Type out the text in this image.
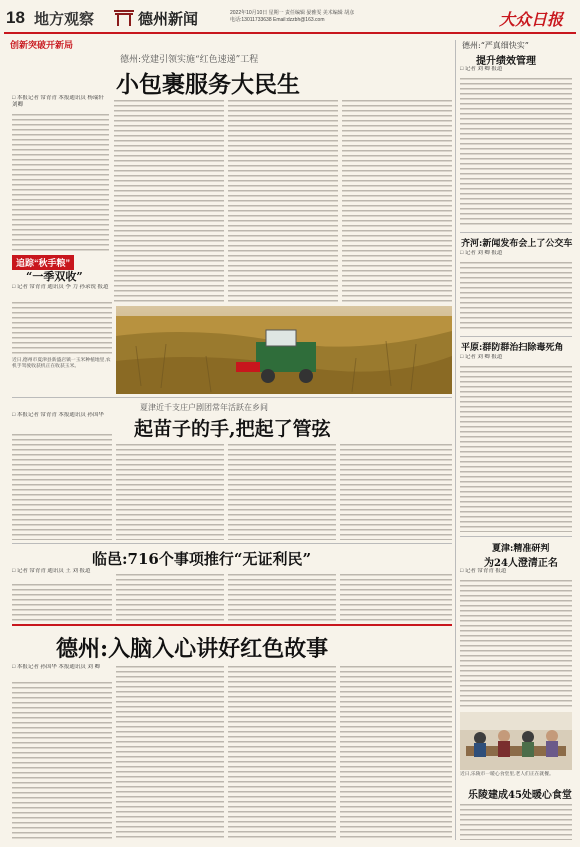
18 地方观察	德州新闻	2022年10月10日 星期一 责任编辑 晏雅雯 美术编辑 胡彦
电话:13011733638 Email:dzzbh@163.com	大众日报
创新突破开新局
德州:党建引领实施“红色速递”工程
小包裹服务大民生
□ 本报记者 常青青 本报通讯员 杨瑞轩 刘卿
追踪“秋手粮”
“一季双收”
□ 记者 常青青 通讯员 李 力 孙录锐 报道
近日,德州市夏津县新盛店镇一玉米种植地里,农机手驾驶收获机正在收获玉米。
夏津近千支庄户剧团常年活跃在乡间
起苗子的手,把起了管弦
□ 本报记者 常青青 本报通讯员 孙国华
临邑:716个事项推行“无证利民”
□ 记者 常青青 通讯员 王 刘 报道
德州:入脑入心讲好红色故事
□ 本报记者 孙国华 本报通讯员 刘 卿
德州:“严真细快实”
提升绩效管理
□ 记者 刘 卿 报道
齐河:新闻发布会上了公交车
□ 记者 刘 卿 报道
平原:群防群治扫除毒死角
□ 记者 刘 卿 报道
夏津:精准研判
为24人澄清正名
□ 记者 常青青 报道
近日,乐陵市一暖心食堂里,老人们正在就餐。
乐陵建成45处暖心食堂
